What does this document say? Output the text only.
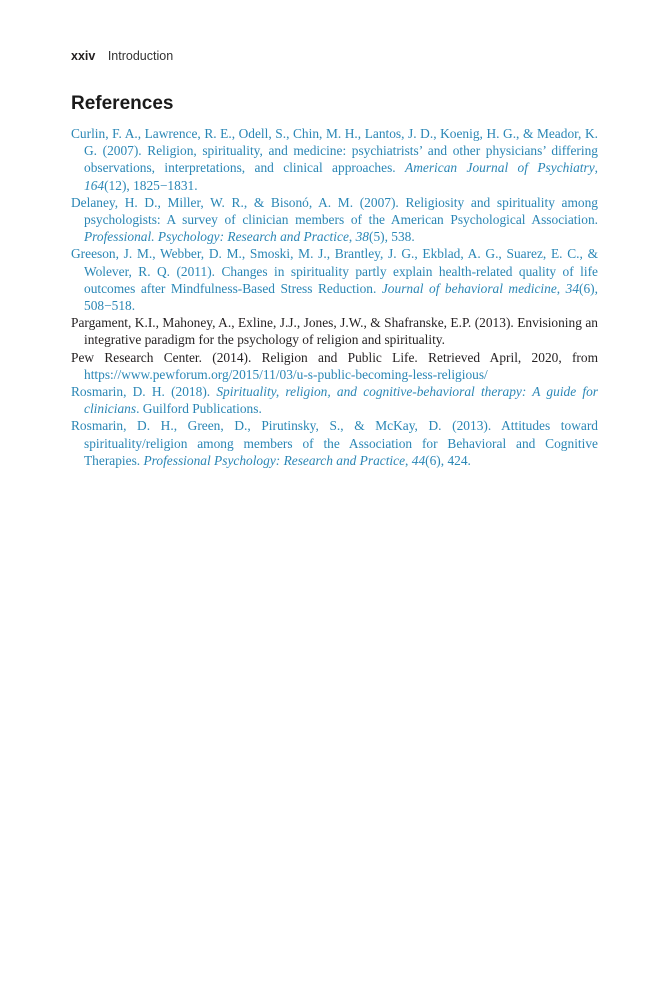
xxiv Introduction
References
Curlin, F. A., Lawrence, R. E., Odell, S., Chin, M. H., Lantos, J. D., Koenig, H. G., & Meador, K. G. (2007). Religion, spirituality, and medicine: psychiatrists’ and other physicians’ differing observations, interpretations, and clinical approaches. American Journal of Psychiatry, 164(12), 1825−1831.
Delaney, H. D., Miller, W. R., & Bisonó, A. M. (2007). Religiosity and spirituality among psychologists: A survey of clinician members of the American Psychological Association. Professional. Psychology: Research and Practice, 38(5), 538.
Greeson, J. M., Webber, D. M., Smoski, M. J., Brantley, J. G., Ekblad, A. G., Suarez, E. C., & Wolever, R. Q. (2011). Changes in spirituality partly explain health-related quality of life outcomes after Mindfulness-Based Stress Reduction. Journal of behavioral medicine, 34(6), 508−518.
Pargament, K.I., Mahoney, A., Exline, J.J., Jones, J.W., & Shafranske, E.P. (2013). Envisioning an integrative paradigm for the psychology of religion and spirituality.
Pew Research Center. (2014). Religion and Public Life. Retrieved April, 2020, from https://www.pewforum.org/2015/11/03/u-s-public-becoming-less-religious/
Rosmarin, D. H. (2018). Spirituality, religion, and cognitive-behavioral therapy: A guide for clinicians. Guilford Publications.
Rosmarin, D. H., Green, D., Pirutinsky, S., & McKay, D. (2013). Attitudes toward spirituality/religion among members of the Association for Behavioral and Cognitive Therapies. Professional Psychology: Research and Practice, 44(6), 424.
